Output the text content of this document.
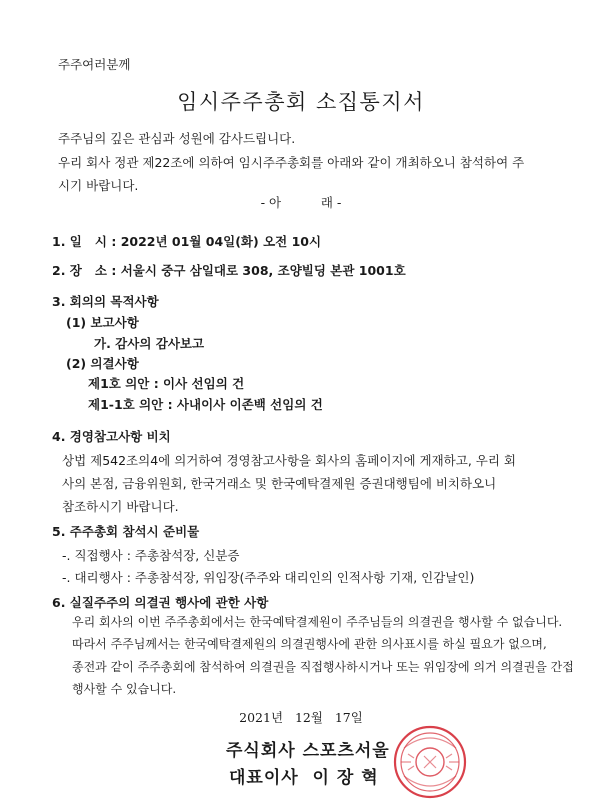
주주여러분께
임시주주총회 소집통지서
주주님의 깊은 관심과 성원에 감사드립니다.
우리 회사 정관 제22조에 의하여 임시주주총회를 아래와 같이 개최하오니 참석하여 주
시기 바랍니다.
- 아          래 -
1. 일   시 : 2022년 01월 04일(화) 오전 10시
2. 장   소 : 서울시 중구 삼일대로 308, 조양빌딩 본관 1001호
3. 회의의 목적사항
(1) 보고사항
가. 감사의 감사보고
(2) 의결사항
제1호 의안 : 이사 선임의 건
제1-1호 의안 : 사내이사 이존백 선임의 건
4. 경영참고사항 비치
상법 제542조의4에 의거하여 경영참고사항을 회사의 홈페이지에 게재하고, 우리 회
사의 본점, 금융위원회, 한국거래소 및 한국예탁결제원 증권대행팀에 비치하오니
참조하시기 바랍니다.
5. 주주총회 참석시 준비물
-. 직접행사 : 주총참석장, 신분증
-. 대리행사 : 주총참석장, 위임장(주주와 대리인의 인적사항 기재, 인감날인)
6. 실질주주의 의결권 행사에 관한 사항
우리 회사의 이번 주주총회에서는 한국예탁결제원이 주주님들의 의결권을 행사할 수 없습니다.
따라서 주주님께서는 한국예탁결제원의 의결권행사에 관한 의사표시를 하실 필요가 없으며,
종전과 같이 주주총회에 참석하여 의결권을 직접행사하시거나 또는 위임장에 의거 의결권을 간접
행사할 수 있습니다.
2021년   12월   17일
주식회사 스포츠서울
대표이사  이 장 혁
